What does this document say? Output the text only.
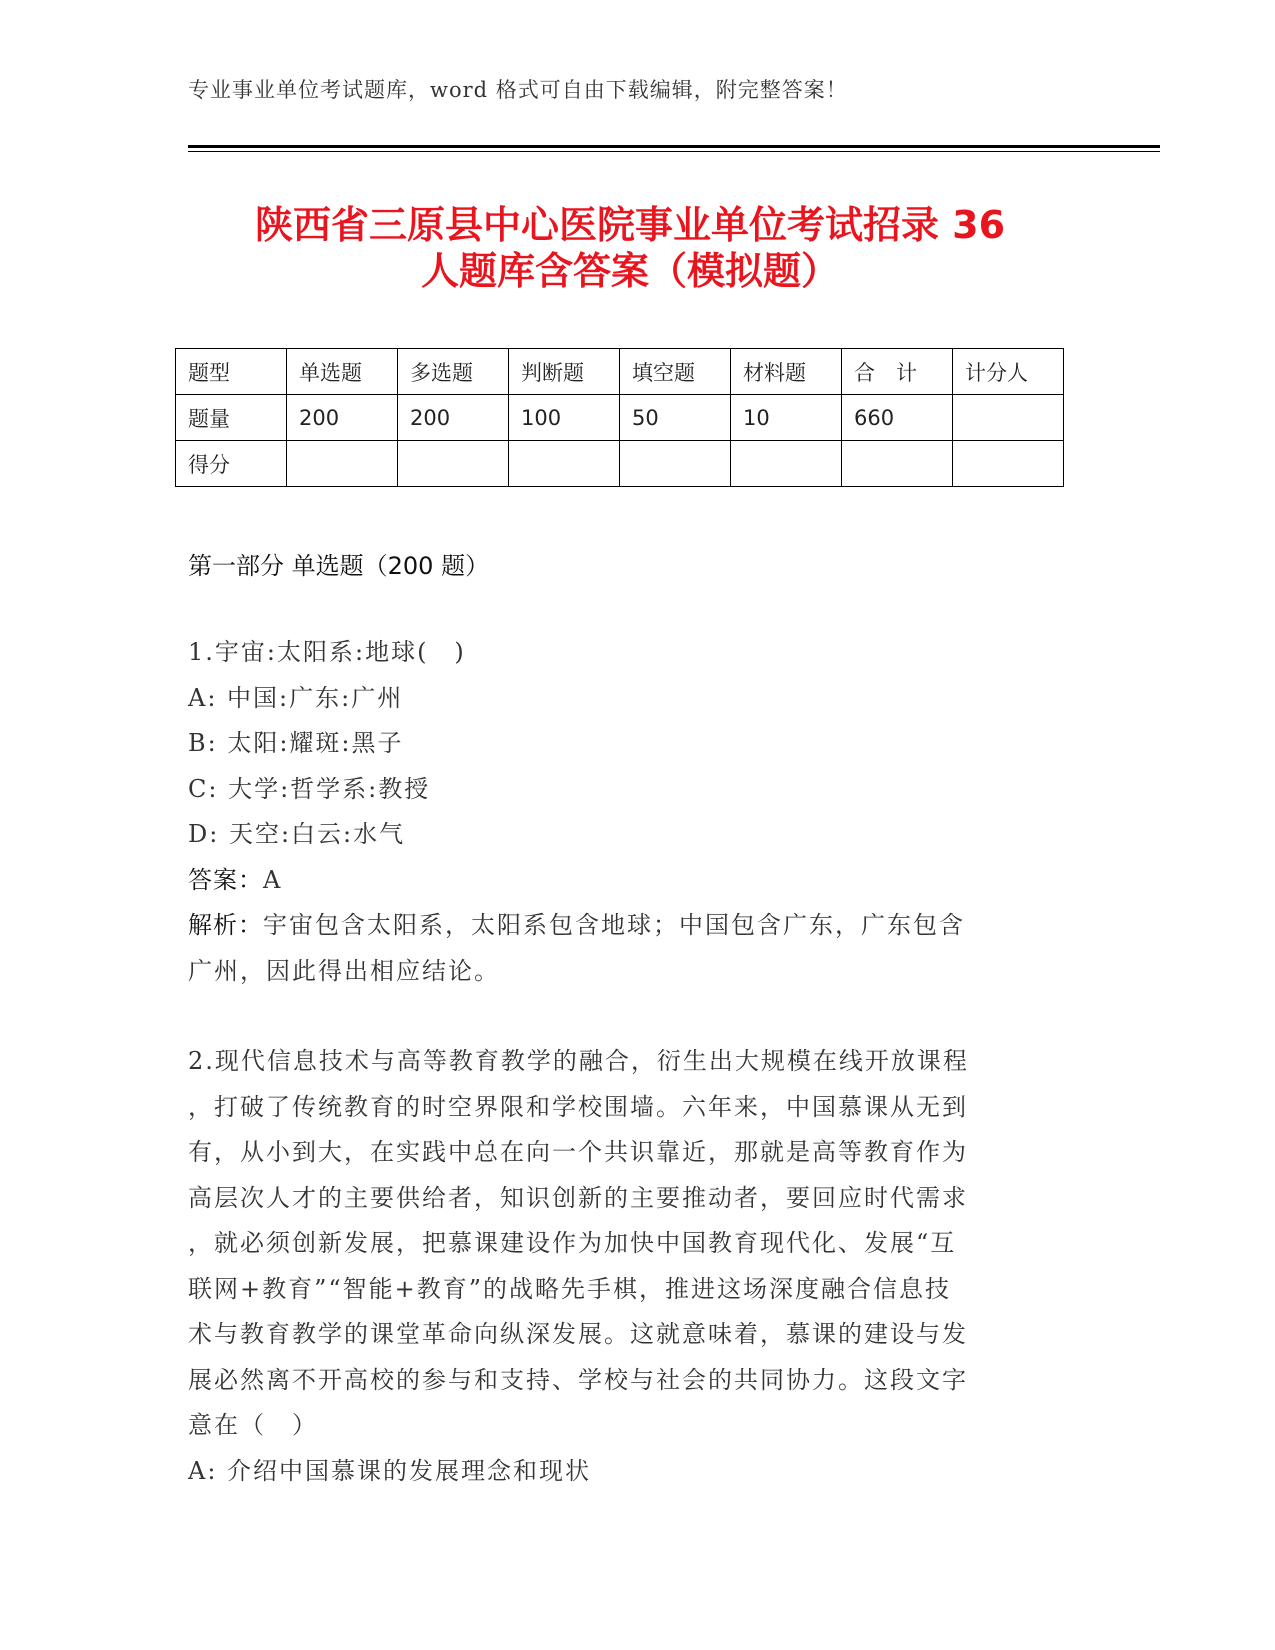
专业事业单位考试题库，word 格式可自由下载编辑，附完整答案！
陕西省三原县中心医院事业单位考试招录 36
人题库含答案（模拟题）
题型	单选题	多选题	判断题	填空题	材料题	合　计	计分人
题量	200	200	100	50	10	660	
得分							
第一部分 单选题（200 题）

1.宇宙:太阳系:地球(　)

A: 中国:广东:广州

B: 太阳:耀斑:黑子

C: 大学:哲学系:教授

D: 天空:白云:水气

答案：A

解析：宇宙包含太阳系，太阳系包含地球；中国包含广东，广东包含

广州，因此得出相应结论。

2.现代信息技术与高等教育教学的融合，衍生出大规模在线开放课程

，打破了传统教育的时空界限和学校围墙。六年来，中国慕课从无到

有，从小到大，在实践中总在向一个共识靠近，那就是高等教育作为

高层次人才的主要供给者，知识创新的主要推动者，要回应时代需求

，就必须创新发展，把慕课建设作为加快中国教育现代化、发展“互

联网+教育”“智能+教育”的战略先手棋，推进这场深度融合信息技

术与教育教学的课堂革命向纵深发展。这就意味着，慕课的建设与发

展必然离不开高校的参与和支持、学校与社会的共同协力。这段文字

意在（　）

A: 介绍中国慕课的发展理念和现状
